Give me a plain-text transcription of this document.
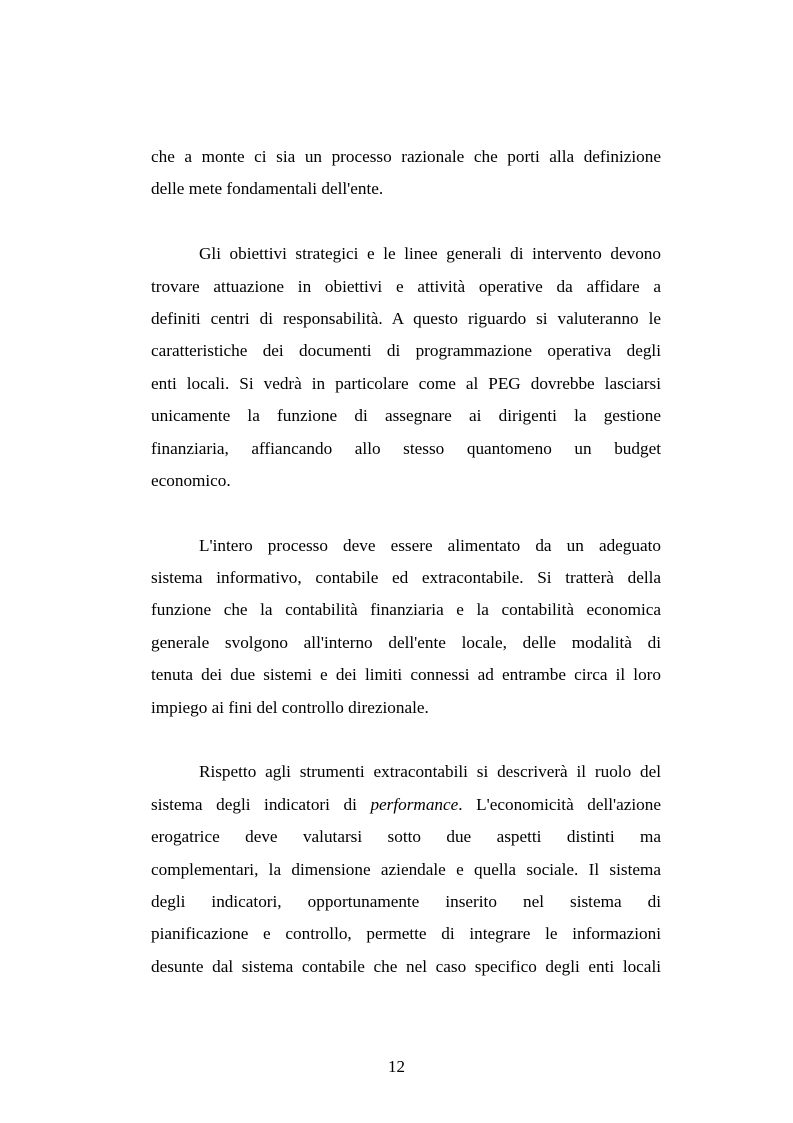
che a monte ci sia un processo razionale che porti alla definizione
delle mete fondamentali dell'ente.
Gli obiettivi strategici e le linee generali di intervento devono
trovare attuazione in obiettivi e attività operative da affidare a
definiti centri di responsabilità. A questo riguardo si valuteranno le
caratteristiche dei documenti di programmazione operativa degli
enti locali. Si vedrà in particolare come al PEG dovrebbe lasciarsi
unicamente la funzione di assegnare ai dirigenti la gestione
finanziaria, affiancando allo stesso quantomeno un budget
economico.
L'intero processo deve essere alimentato da un adeguato
sistema informativo, contabile ed extracontabile. Si tratterà della
funzione che la contabilità finanziaria e la contabilità economica
generale svolgono all'interno dell'ente locale, delle modalità di
tenuta dei due sistemi e dei limiti connessi ad entrambe circa il loro
impiego ai fini del controllo direzionale.
Rispetto agli strumenti extracontabili si descriverà il ruolo del
sistema degli indicatori di performance. L'economicità dell'azione
erogatrice deve valutarsi sotto due aspetti distinti ma
complementari, la dimensione aziendale e quella sociale. Il sistema
degli indicatori, opportunamente inserito nel sistema di
pianificazione e controllo, permette di integrare le informazioni
desunte dal sistema contabile che nel caso specifico degli enti locali
12
